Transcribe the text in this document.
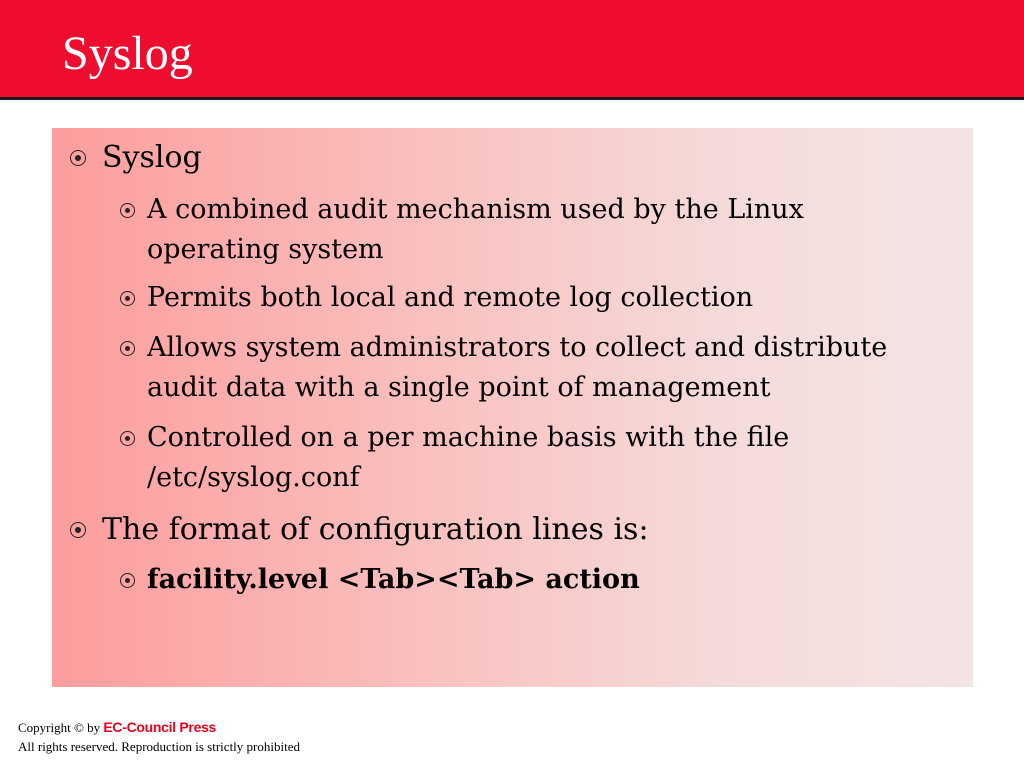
Syslog
Syslog
A combined audit mechanism used by the Linux operating system
Permits both local and remote log collection
Allows system administrators to collect and distribute audit data with a single point of management
Controlled on a per machine basis with the file /etc/syslog.conf
The format of configuration lines is:
facility.level <Tab><Tab> action
Copyright © by EC-Council Press
All rights reserved. Reproduction is strictly prohibited
